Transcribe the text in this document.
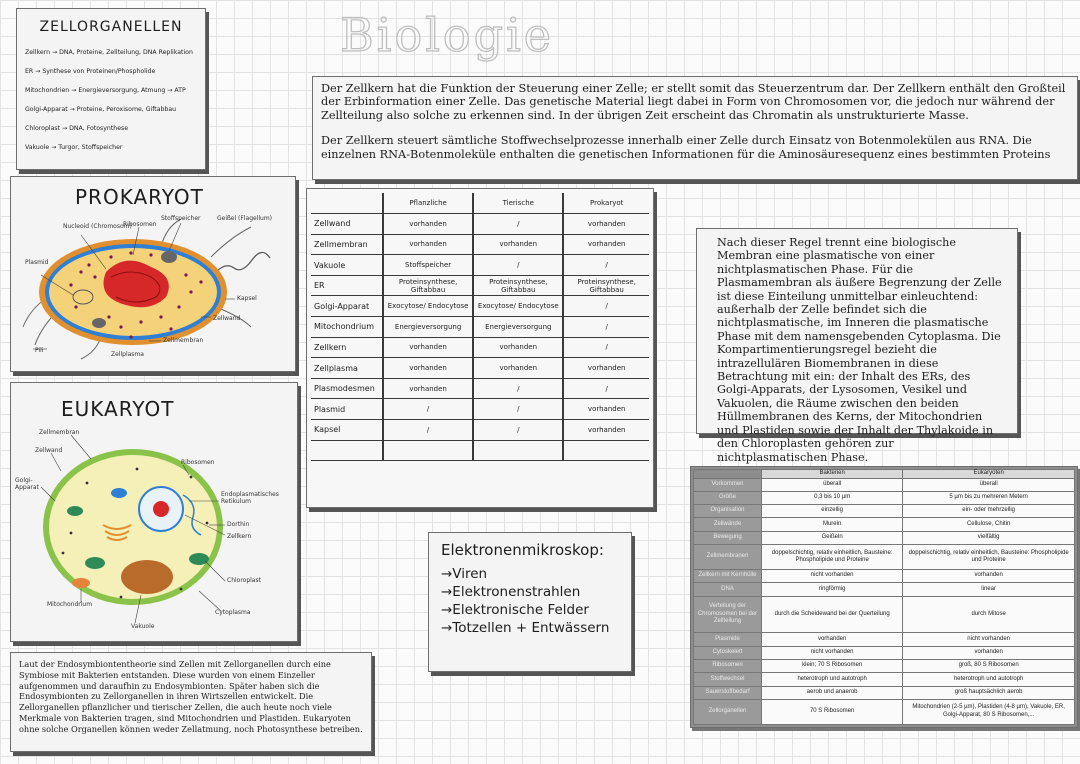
Biologie
ZELLORGANELLEN
Zellkern → DNA, Proteine, Zellteilung, DNA Replikation
ER → Synthese von Proteinen/Phospholide
Mitochondrien → Energieversorgung, Atmung → ATP
Golgi-Apparat → Proteine, Peroxisome, Giftabbau
Chloroplast → DNA, Fotosynthese
Vakuole → Turgor, Stoffspeicher

Der Zellkern hat die Funktion der Steuerung einer Zelle; er stellt somit das Steuerzentrum dar. Der Zellkern enthält den Großteil der Erbinformation einer Zelle. Das genetische Material liegt dabei in Form von Chromosomen vor, die jedoch nur während der Zellteilung also solche zu erkennen sind. In der übrigen Zeit erscheint das Chromatin als unstrukturierte Masse.

Der Zellkern steuert sämtliche Stoffwechselprozesse innerhalb einer Zelle durch Einsatz von Botenmolekülen aus RNA. Die einzelnen RNA-Botenmoleküle enthalten die genetischen Informationen für die Aminosäuresequenz eines bestimmten Proteins

PROKARYOT
Nucleoid (Chromosom)
Ribosomen
Stoffspeicher	Geißel (Flagellum)
Plasmid
Kapsel
Zellwand
Zellmembran
Pili
Zellplasma
EUKARYOT
Zellmembran
Zellwand
Ribosomen
Golgi-Apparat
Endoplasmatisches Retikulum
Dorthin
Zellkern
Chloroplast
Mitochondrium
Cytoplasma
Vakuole
	Pflanzliche	Tierische	Prokaryot
Zellwand	vorhanden	/	vorhanden
Zellmembran	vorhanden	vorhanden	vorhanden
Vakuole	Stoffspeicher	/	/
ER	Proteinsynthese, Giftabbau	Proteinsynthese, Giftabbau	Proteinsynthese, Giftabbau
Golgi-Apparat	Exocytose/ Endocytose	Exocytose/ Endocytose	/
Mitochondrium	Energieversorgung	Energieversorgung	/
Zellkern	vorhanden	vorhanden	/
Zellplasma	vorhanden	vorhanden	vorhanden
Plasmodesmen	vorhanden	/	/
Plasmid	/	/	vorhanden
Kapsel	/	/	vorhanden

Nach dieser Regel trennt eine biologische Membran eine plasmatische von einer nichtplasmatischen Phase. Für die Plasmamembran als äußere Begrenzung der Zelle ist diese Einteilung unmittelbar einleuchtend: außerhalb der Zelle befindet sich die nichtplasmatische, im Inneren die plasmatische Phase mit dem namensgebenden Cytoplasma. Die Kompartimentierungsregel bezieht die intrazellulären Biomembranen in diese Betrachtung mit ein: der Inhalt des ERs, des Golgi-Apparats, der Lysosomen, Vesikel und Vakuolen, die Räume zwischen den beiden Hüllmembranen des Kerns, der Mitochondrien und Plastiden sowie der Inhalt der Thylakoide in den Chloroplasten gehören zur nichtplasmatischen Phase.

Elektronenmikroskop:
→Viren
→Elektronenstrahlen
→Elektronische Felder
→Totzellen + Entwässern
	Bakterien	Eukaryoten
Vorkommen	überall	überall
Größe	0,3 bis 10 µm	5 µm bis zu mehreren Metern
Organisation	einzellig	ein- oder mehrzellig
Zellwände	Murein	Cellulose, Chitin
Bewegung	Geißeln	vielfältig
Zellmembranen	doppelschichtig, relativ einheitlich, Bausteine: Phospholipide und Proteine	doppelschichtig, relativ einheitlich, Bausteine: Phospholipide und Proteine
Zellkern mit Kernhülle	nicht vorhanden	vorhanden
DNA	ringförmig	linear
Verteilung der Chromosomen bei der Zellteilung	durch die Scheidewand bei der Querteilung	durch Mitose
Plasmide	vorhanden	nicht vorhanden
Cytoskelett	nicht vorhanden	vorhanden
Ribosomen	klein; 70 S Ribosomen	groß, 80 S Ribosomen
Stoffwechsel	heterotroph und autotroph	heterotroph und autotroph
Sauerstoffbedarf	aerob und anaerob	groß hauptsächlich aerob
Zellorganellen	70 S Ribosomen	Mitochondrien (2-5 µm), Plastiden (4-8 µm), Vakuole, ER, Golgi-Apparat, 80 S Ribosomen,...

Laut der Endosymbiontentheorie sind Zellen mit Zellorganellen durch eine Symbiose mit Bakterien entstanden. Diese wurden von einem Einzeller aufgenommen und daraufhin zu Endosymbionten. Später haben sich die Endosymbionten zu Zellorganellen in ihren Wirtszellen entwickelt. Die Zellorganellen pflanzlicher und tierischer Zellen, die auch heute noch viele Merkmale von Bakterien tragen, sind Mitochondrien und Plastiden. Eukaryoten ohne solche Organellen können weder Zellatmung, noch Photosynthese betreiben.
